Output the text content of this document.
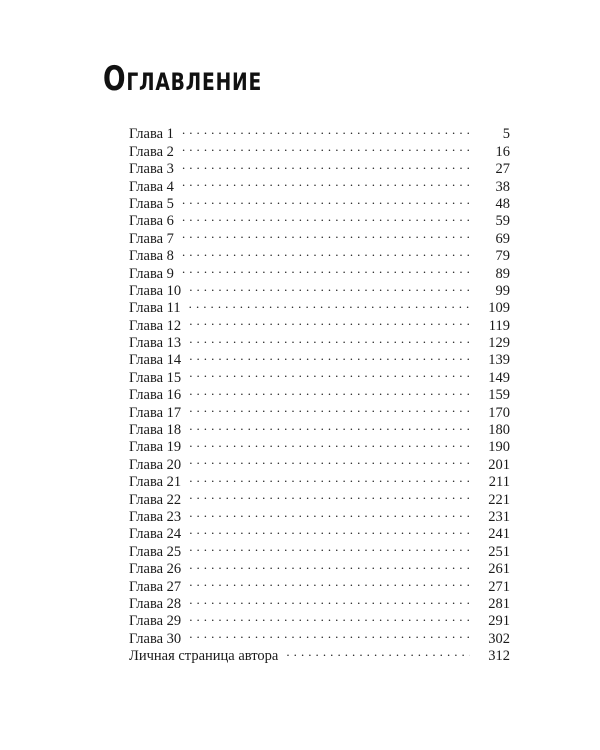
Оглавление
Глава 1 . . .	5
Глава 2 . . .	16
Глава 3 . . .	27
Глава 4 . . .	38
Глава 5 . . .	48
Глава 6 . . .	59
Глава 7 . . .	69
Глава 8 . . .	79
Глава 9 . . .	89
Глава 10 . . .	99
Глава 11 . . .	109
Глава 12 . . .	119
Глава 13 . . .	129
Глава 14 . . .	139
Глава 15 . . .	149
Глава 16 . . .	159
Глава 17 . . .	170
Глава 18 . . .	180
Глава 19 . . .	190
Глава 20 . . .	201
Глава 21 . . .	211
Глава 22 . . .	221
Глава 23 . . .	231
Глава 24 . . .	241
Глава 25 . . .	251
Глава 26 . . .	261
Глава 27 . . .	271
Глава 28 . . .	281
Глава 29 . . .	291
Глава 30 . . .	302
Личная страница автора . . .	312
